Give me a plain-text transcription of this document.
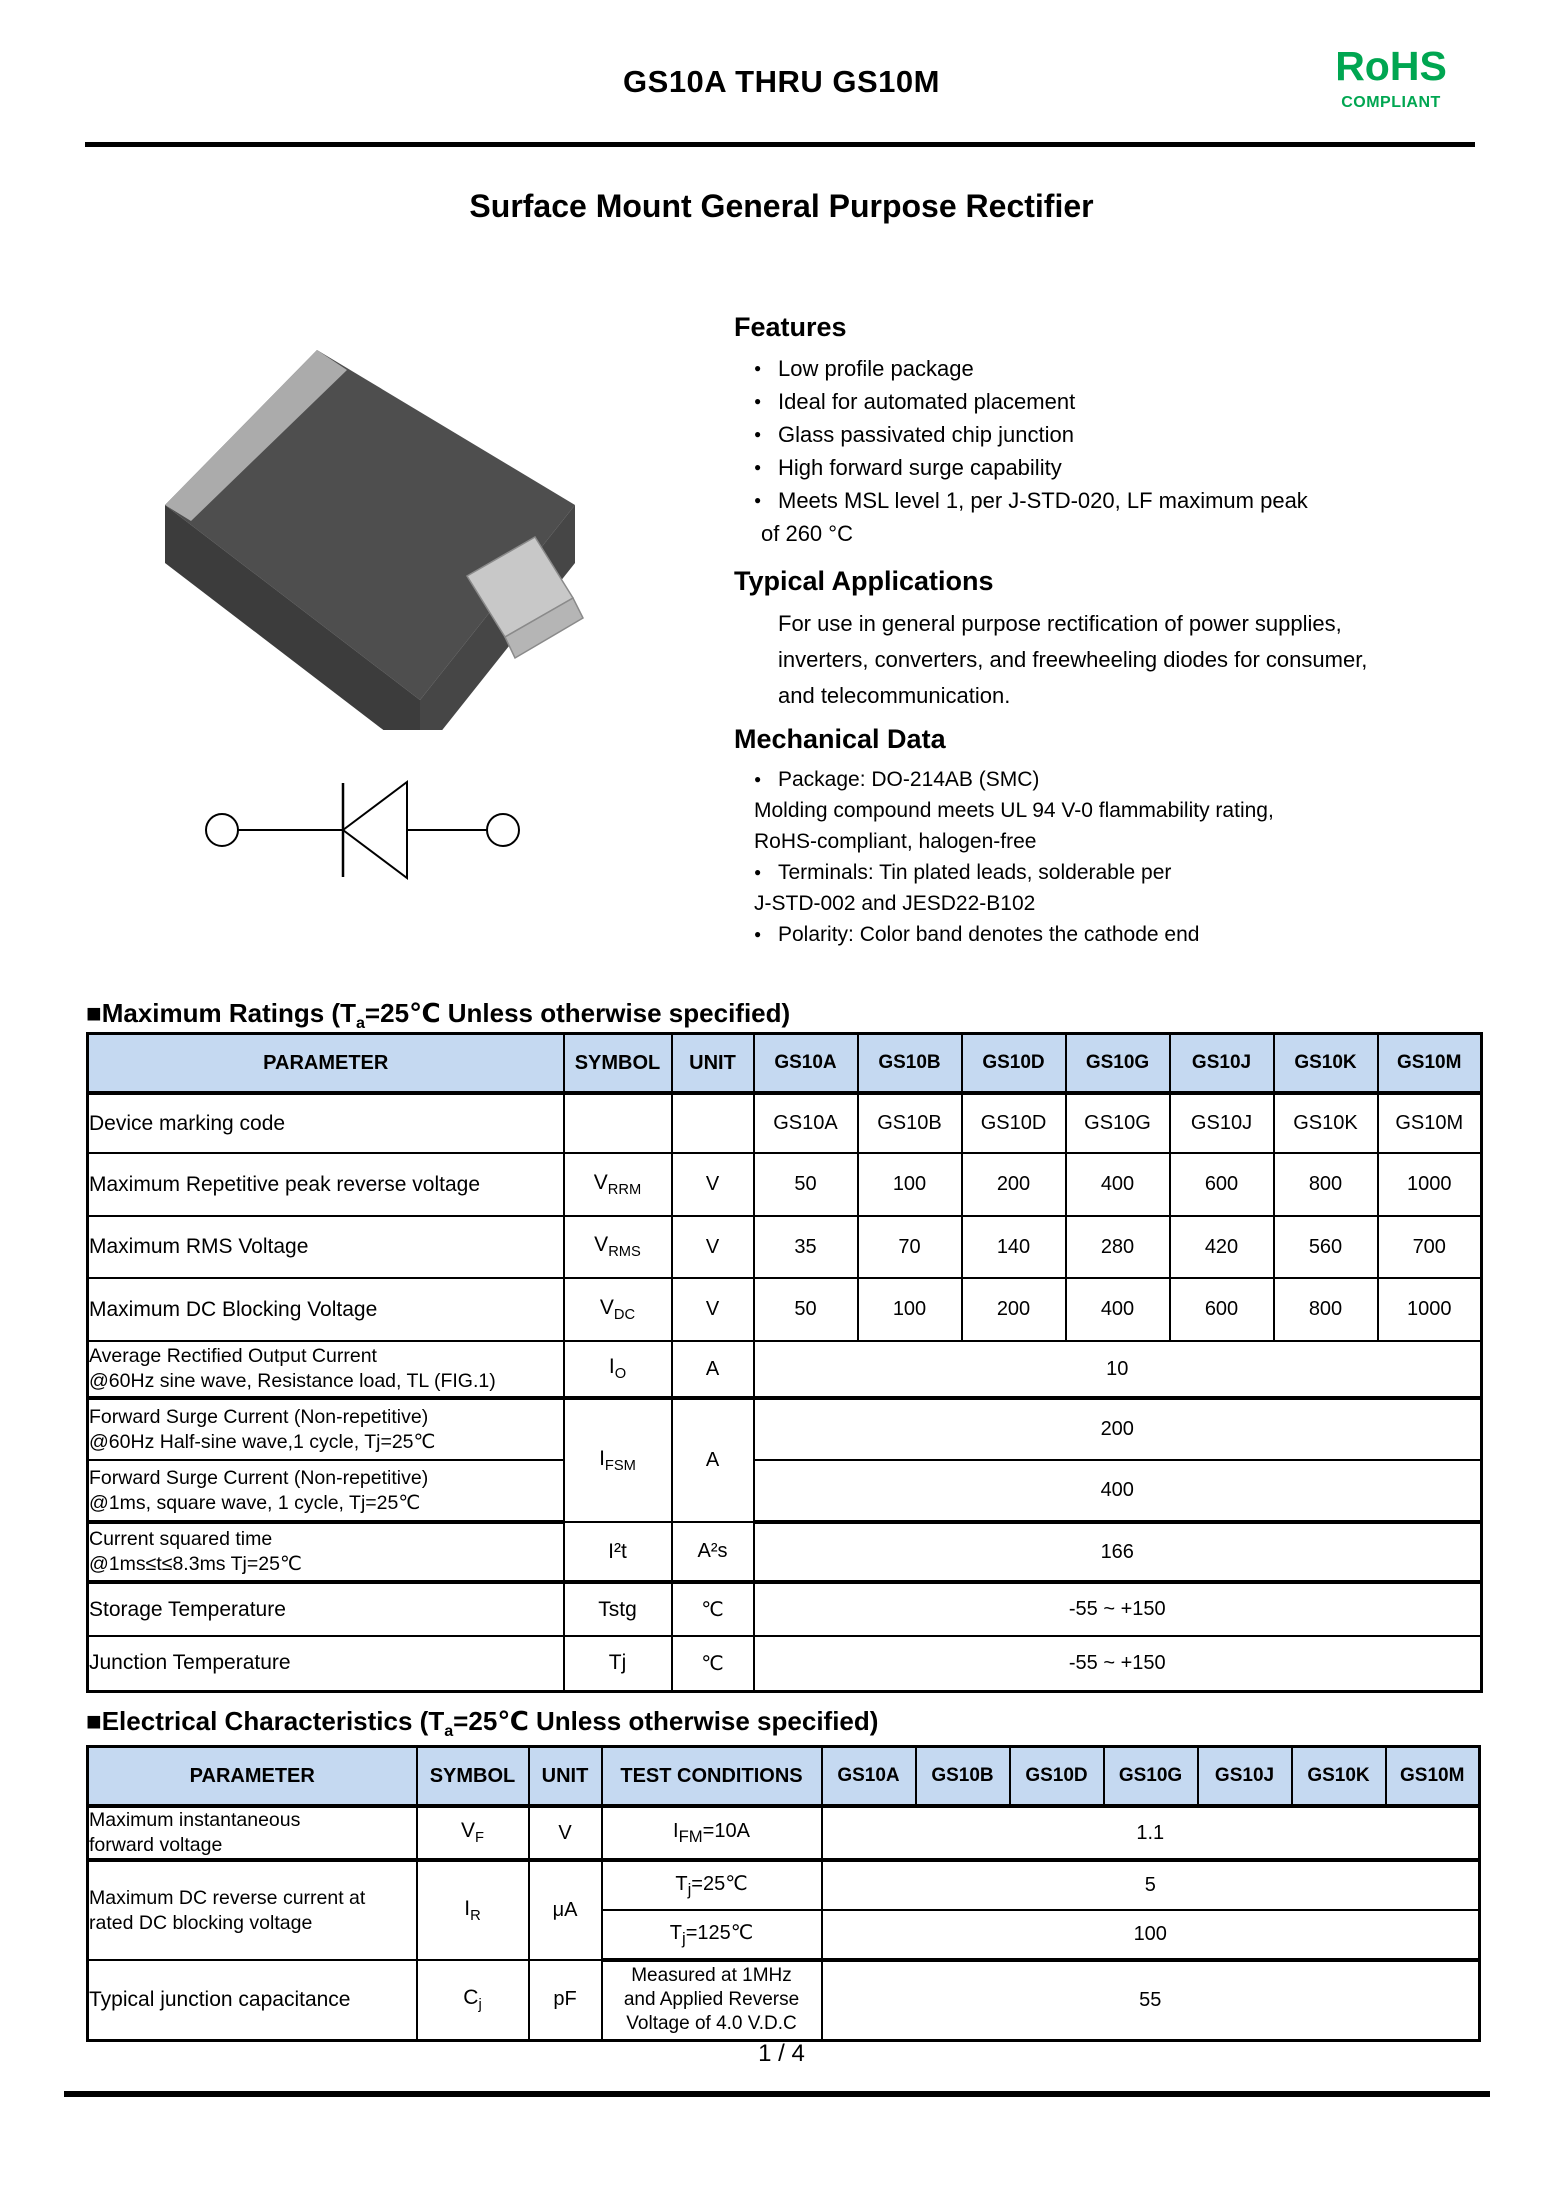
GS10A THRU GS10M	RoHS
COMPLIANT
Surface Mount General Purpose Rectifier
Features
● Low profile package
● Ideal for automated placement
● Glass passivated chip junction
● High forward surge capability
● Meets MSL level 1, per J-STD-020, LF maximum peak
of 260 °C
Typical Applications
For use in general purpose rectification of power supplies,
inverters, converters, and freewheeling diodes for consumer,
and telecommunication.
Mechanical Data
● Package: DO-214AB (SMC)
Molding compound meets UL 94 V-0 flammability rating,
RoHS-compliant, halogen-free
● Terminals: Tin plated leads, solderable per
J-STD-002 and JESD22-B102
● Polarity: Color band denotes the cathode end
■Maximum Ratings ($T_a=25℃$ Unless otherwise specified)
PARAMETER	SYMBOL	UNIT	GS10A	GS10B	GS10D	GS10G	GS10J	GS10K	GS10M
Device marking code			GS10A	GS10B	GS10D	GS10G	GS10J	GS10K	GS10M
Maximum Repetitive peak reverse voltage	$V_{RRM}$	V	50	100	200	400	600	800	1000
Maximum RMS Voltage	$V_{RMS}$	V	35	70	140	280	420	560	700
Maximum DC Blocking Voltage	$V_{DC}$	V	50	100	200	400	600	800	1000

Average Rectified Output Current
@60Hz sine wave, Resistance load, TL (FIG.1)	$I_O$	A	10						

Forward Surge Current (Non-repetitive)
@60Hz Half-sine wave,1 cycle, Tj=25℃	$I_{FSM}$	A	200						

Forward Surge Current (Non-repetitive)
@1ms, square wave, 1 cycle, Tj=25℃			400						

Current squared time
@1ms≤t≤8.3ms Tj=25℃	I²t	A²s	166						
Storage Temperature	Tstg	℃	-55 ~ +150						
Junction Temperature	Tj	℃	-55 ~ +150						
■Electrical Characteristics ($T_a=25℃$ Unless otherwise specified)
PARAMETER	SYMBOL	UNIT	TEST CONDITIONS	GS10A	GS10B	GS10D	GS10G	GS10J	GS10K	GS10M

Maximum instantaneous
forward voltage	$V_F$	V	$I_{FM}=10A$	1.1						

Maximum DC reverse current at
rated DC blocking voltage	$I_R$	μA	$T_j=25℃$	5						
			$T_j=125℃$	100						
Typical junction capacitance	$C_j$	pF	Measured at 1MHz
and Applied Reverse
Voltage of 4.0 V.D.C	55						
1 / 4
